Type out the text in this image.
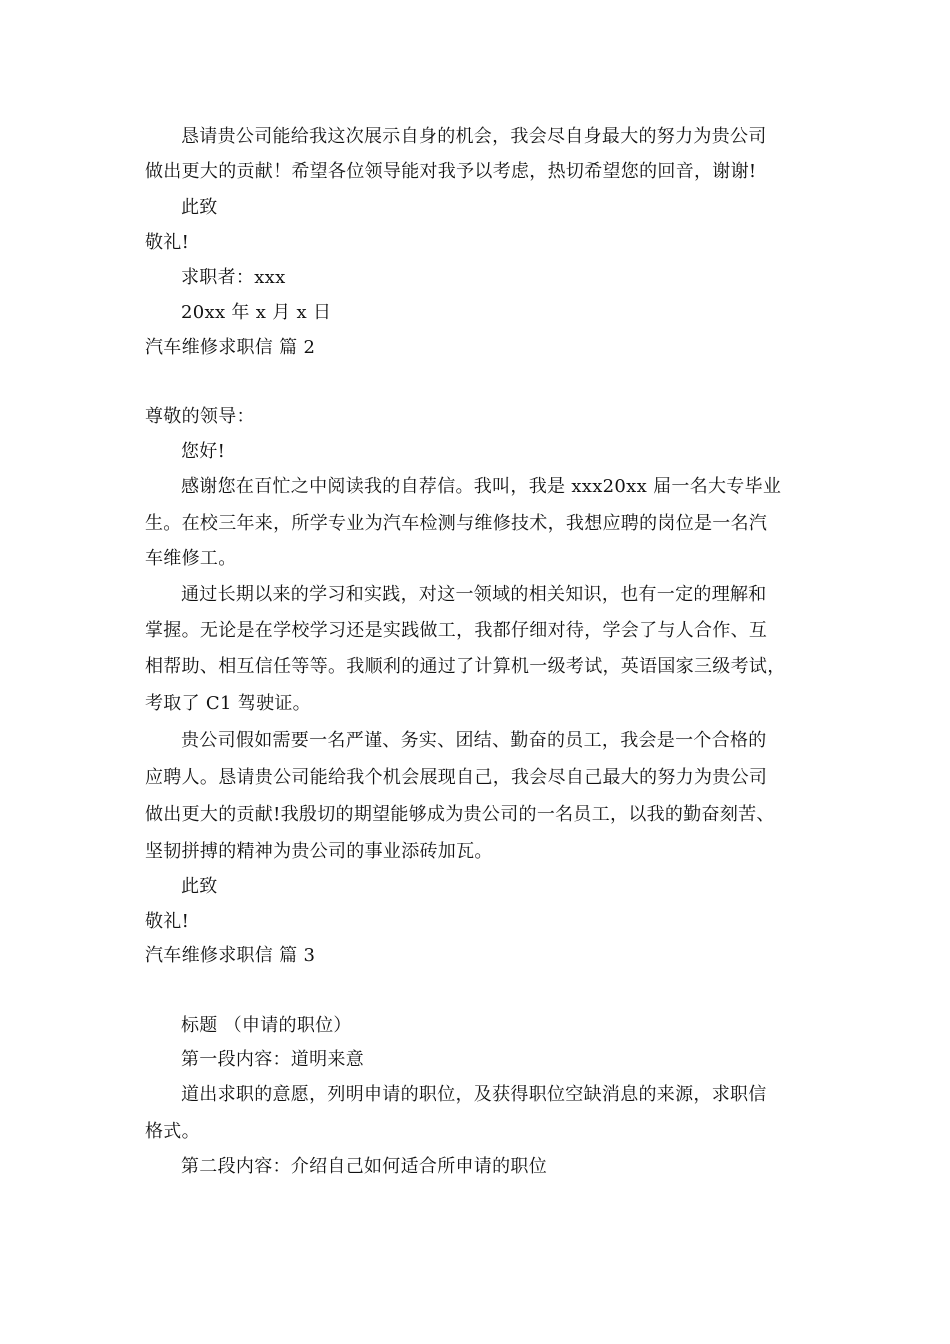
恳请贵公司能给我这次展示自身的机会，我会尽自身最大的努力为贵公司
做出更大的贡献！希望各位领导能对我予以考虑，热切希望您的回音，谢谢!
此致
敬礼!
求职者：xxx
20xx 年 x 月 x 日
汽车维修求职信 篇 2
尊敬的领导：
您好!
感谢您在百忙之中阅读我的自荐信。我叫，我是 xxx20xx 届一名大专毕业
生。在校三年来，所学专业为汽车检测与维修技术，我想应聘的岗位是一名汽
车维修工。
通过长期以来的学习和实践，对这一领域的相关知识，也有一定的理解和
掌握。无论是在学校学习还是实践做工，我都仔细对待，学会了与人合作、互
相帮助、相互信任等等。我顺利的通过了计算机一级考试，英语国家三级考试，
考取了 C1 驾驶证。
贵公司假如需要一名严谨、务实、团结、勤奋的员工，我会是一个合格的
应聘人。恳请贵公司能给我个机会展现自己，我会尽自己最大的努力为贵公司
做出更大的贡献!我殷切的期望能够成为贵公司的一名员工，以我的勤奋刻苦、
坚韧拼搏的精神为贵公司的事业添砖加瓦。
此致
敬礼!
汽车维修求职信 篇 3
标题 （申请的职位）
第一段内容：道明来意
道出求职的意愿，列明申请的职位，及获得职位空缺消息的来源，求职信
格式。
第二段内容：介绍自己如何适合所申请的职位
